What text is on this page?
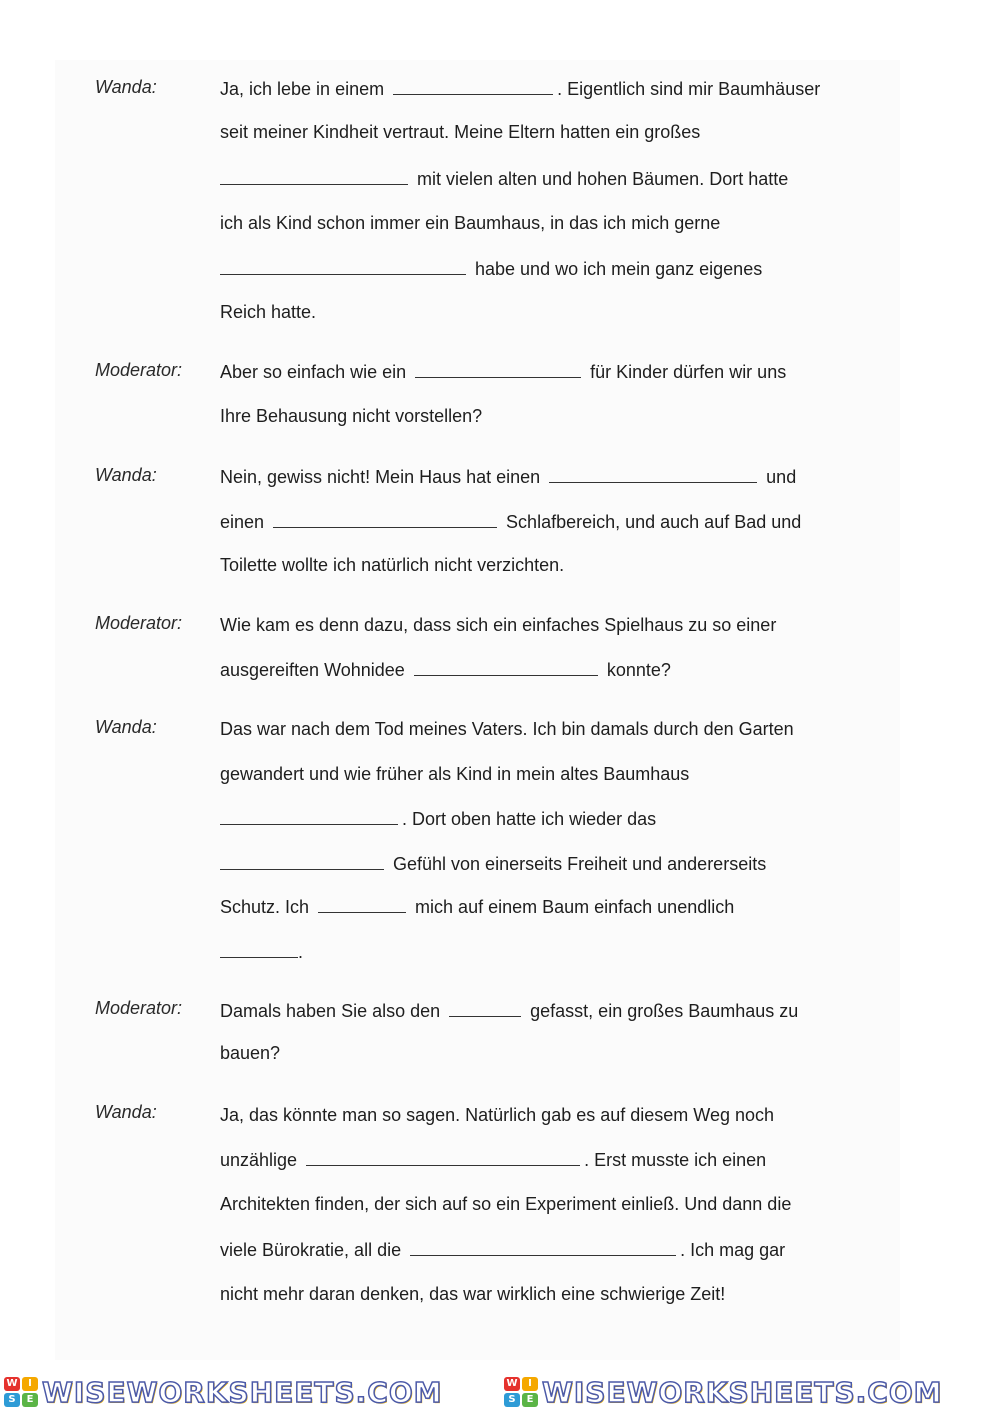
Wanda:	Ja, ich lebe in einem	. Eigentlich sind mir Baumhäuser
seit meiner Kindheit vertraut. Meine Eltern hatten ein großes
mit vielen alten und hohen Bäumen. Dort hatte
ich als Kind schon immer ein Baumhaus, in das ich mich gerne
habe und wo ich mein ganz eigenes
Reich hatte.
Moderator:	Aber so einfach wie ein	für Kinder dürfen wir uns
Ihre Behausung nicht vorstellen?
Wanda:	Nein, gewiss nicht! Mein Haus hat einen	und
einen	Schlafbereich, und auch auf Bad und
Toilette wollte ich natürlich nicht verzichten.
Moderator:	Wie kam es denn dazu, dass sich ein einfaches Spielhaus zu so einer
ausgereiften Wohnidee	konnte?
Wanda:	Das war nach dem Tod meines Vaters. Ich bin damals durch den Garten
gewandert und wie früher als Kind in mein altes Baumhaus
. Dort oben hatte ich wieder das
Gefühl von einerseits Freiheit und andererseits
Schutz. Ich	mich auf einem Baum einfach unendlich
.
Moderator:	Damals haben Sie also den	gefasst, ein großes Baumhaus zu
bauen?
Wanda:	Ja, das könnte man so sagen. Natürlich gab es auf diesem Weg noch
unzählige	. Erst musste ich einen
Architekten finden, der sich auf so ein Experiment einließ. Und dann die
viele Bürokratie, all die	. Ich mag gar
nicht mehr daran denken, das war wirklich eine schwierige Zeit!
W	I
S	E WISEWORKSHEETS.COM	W	I
S	E WISEWORKSHEETS.COM
